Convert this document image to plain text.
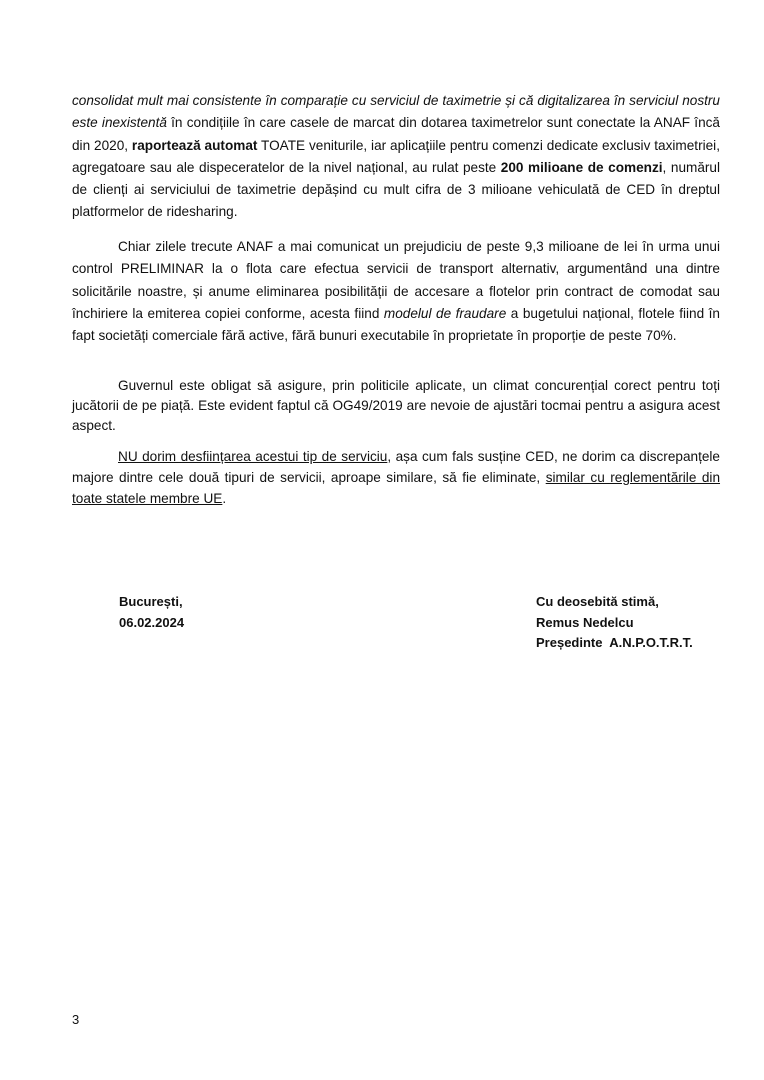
consolidat mult mai consistente în comparație cu serviciul de taximetrie și că digitalizarea în serviciul nostru este inexistentă în condițiile în care casele de marcat din dotarea taximetrelor sunt conectate la ANAF încă din 2020, raportează automat TOATE veniturile, iar aplicațiile pentru comenzi dedicate exclusiv taximetriei, agregatoare sau ale dispeceratelor de la nivel național, au rulat peste 200 milioane de comenzi, numărul de clienți ai serviciului de taximetrie depășind cu mult cifra de 3 milioane vehiculată de CED în dreptul platformelor de ridesharing.
Chiar zilele trecute ANAF a mai comunicat un prejudiciu de peste 9,3 milioane de lei în urma unui control PRELIMINAR la o flota care efectua servicii de transport alternativ, argumentând una dintre solicitările noastre, și anume eliminarea posibilității de accesare a flotelor prin contract de comodat sau închiriere la emiterea copiei conforme, acesta fiind modelul de fraudare a bugetului național, flotele fiind în fapt societăți comerciale fără active, fără bunuri executabile în proprietate în proporție de peste 70%.
Guvernul este obligat să asigure, prin politicile aplicate, un climat concurențial corect pentru toți jucătorii de pe piață. Este evident faptul că OG49/2019 are nevoie de ajustări tocmai pentru a asigura acest aspect.
NU dorim desființarea acestui tip de serviciu, așa cum fals susține CED, ne dorim ca discrepanțele majore dintre cele două tipuri de servicii, aproape similare, să fie eliminate, similar cu reglementările din toate statele membre UE.
București,
06.02.2024
Cu deosebită stimă,
Remus Nedelcu
Președinte  A.N.P.O.T.R.T.
3
